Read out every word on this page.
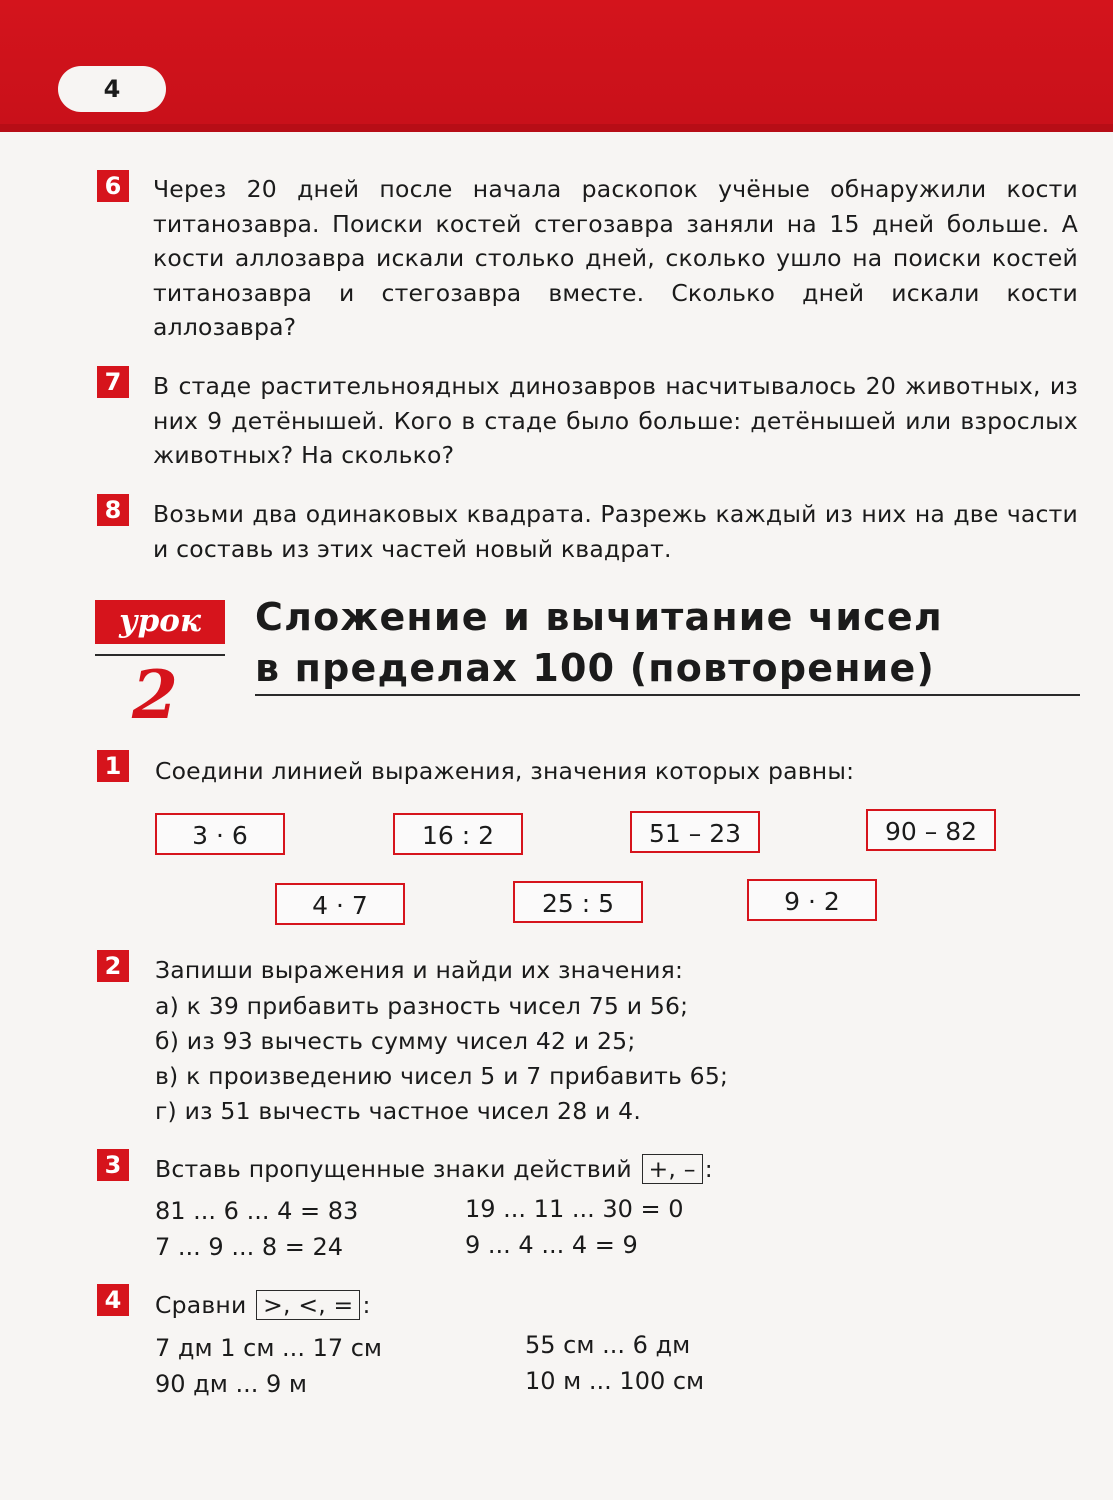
4
6	Через 20 дней после начала раскопок учёные обнаружили кости титанозавра. Поиски костей стегозавра заняли на 15 дней больше. А кости аллозавра искали столько дней, сколько ушло на поиски костей титанозавра и стегозавра вместе. Сколько дней искали кости аллозавра?
7	В стаде растительноядных динозавров насчитывалось 20 животных, из них 9 детёнышей. Кого в стаде было больше: детёнышей или взрослых животных? На сколько?
8	Возьми два одинаковых квадрата. Разрежь каждый из них на две части и составь из этих частей новый квадрат.
урок
2
Сложение и вычитание чисел
в пределах 100 (повторение)
1	Соедини линией выражения, значения которых равны:
3 · 6	16 : 2	51 – 23	90 – 82
4 · 7	25 : 5	9 · 2
2	Запиши выражения и найди их значения:
а) к 39 прибавить разность чисел 75 и 56;
б) из 93 вычесть сумму чисел 42 и 25;
в) к произведению чисел 5 и 7 прибавить 65;
г) из 51 вычесть частное чисел 28 и 4.
3	Вставь пропущенные знаки действий +, – :
81 ... 6 ... 4 = 83
7 ... 9 ... 8 = 24
19 ... 11 ... 30 = 0
9 ... 4 ... 4 = 9
4	Сравни >, <, = :
7 дм 1 см ... 17 см
90 дм ... 9 м
55 см ... 6 дм
10 м ... 100 см
